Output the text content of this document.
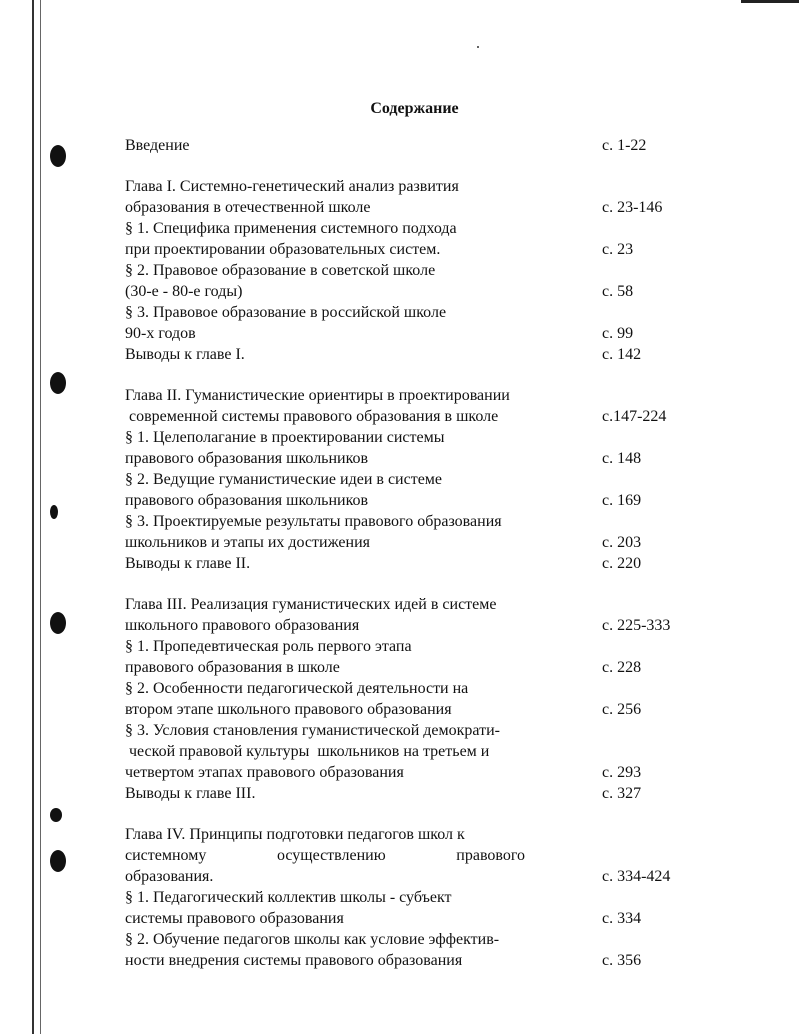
Содержание
Введение	с. 1-22
Глава I. Системно-генетический анализ развития
образования в отечественной школе	с. 23-146
§ 1. Специфика применения системного подхода
при проектировании образовательных систем.	с. 23
§ 2. Правовое образование в советской школе
(30-е - 80-е годы)	с. 58
§ 3. Правовое образование в российской школе
90-х годов	с. 99
Выводы к главе I.	с. 142
Глава II. Гуманистические ориентиры в проектировании
современной системы правового образования в школе	с.147-224
§ 1. Целеполагание в проектировании системы
правового образования школьников	с. 148
§ 2. Ведущие гуманистические идеи в системе
правового образования школьников	с. 169
§ 3. Проектируемые результаты правового образования
школьников и этапы их достижения	с. 203
Выводы к главе II.	с. 220
Глава III. Реализация гуманистических идей в системе
школьного правового образования	с. 225-333
§ 1. Пропедевтическая роль первого этапа
правового образования в школе	с. 228
§ 2. Особенности педагогической деятельности на
втором этапе школьного правового образования	с. 256
§ 3. Условия становления гуманистической демократи-
ческой правовой культуры  школьников на третьем и
четвертом этапах правового образования	с. 293
Выводы к главе III.	с. 327
Глава IV. Принципы подготовки педагогов школ к
системному	осуществлению	правового
образования.	с. 334-424
§ 1. Педагогический коллектив школы - субъект
системы правового образования	с. 334
§ 2. Обучение педагогов школы как условие эффектив-
ности внедрения системы правового образования	с. 356
